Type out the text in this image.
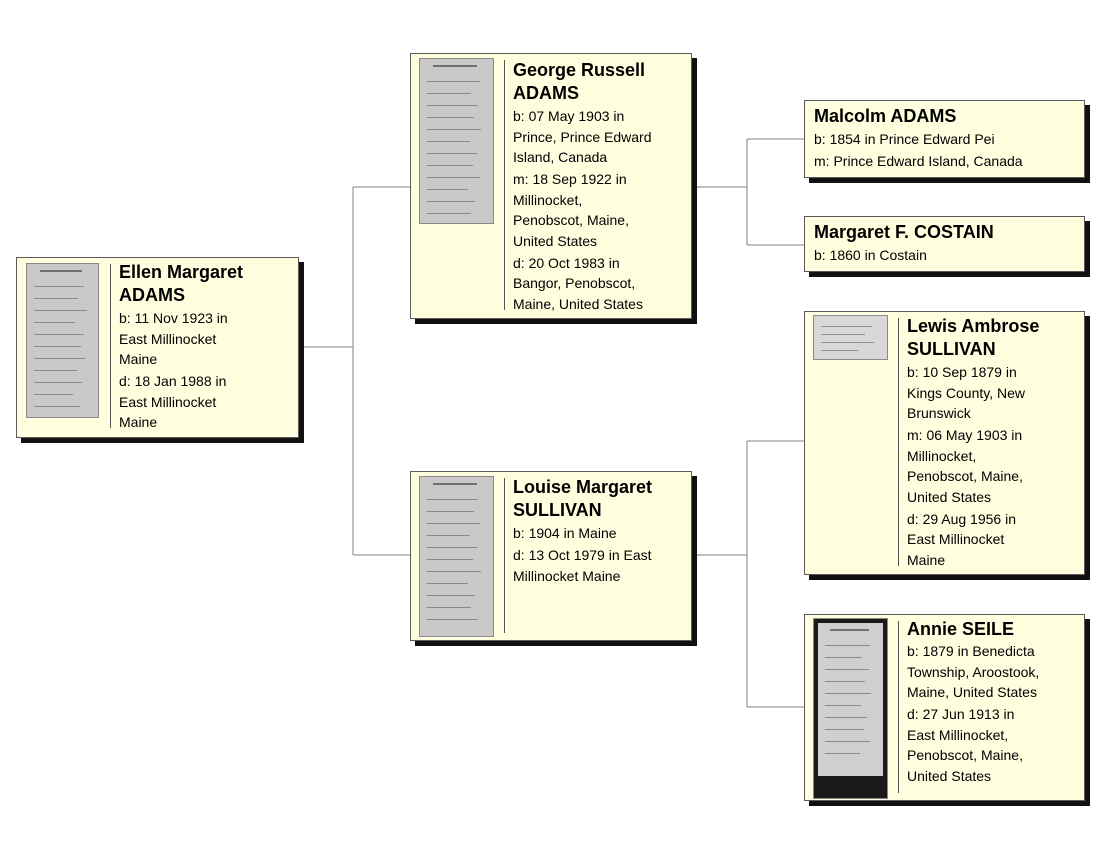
Ellen Margaret
ADAMS
b: 11 Nov 1923 in
East Millinocket
Maine
d: 18 Jan 1988 in
East Millinocket
Maine
George Russell
ADAMS
b: 07 May 1903 in
Prince, Prince Edward
Island, Canada
m: 18 Sep 1922 in
Millinocket,
Penobscot, Maine,
United States
d: 20 Oct 1983 in
Bangor, Penobscot,
Maine, United States
Louise Margaret
SULLIVAN
b: 1904 in Maine
d: 13 Oct 1979 in East
Millinocket Maine
Malcolm ADAMS
b: 1854 in Prince Edward Pei
m: Prince Edward Island, Canada
Margaret F. COSTAIN
b: 1860 in Costain
Lewis Ambrose
SULLIVAN
b: 10 Sep 1879 in
Kings County, New
Brunswick
m: 06 May 1903 in
Millinocket,
Penobscot, Maine,
United States
d: 29 Aug 1956 in
East Millinocket
Maine
Annie SEILE
b: 1879 in Benedicta
Township, Aroostook,
Maine, United States
d: 27 Jun 1913 in
East Millinocket,
Penobscot, Maine,
United States
